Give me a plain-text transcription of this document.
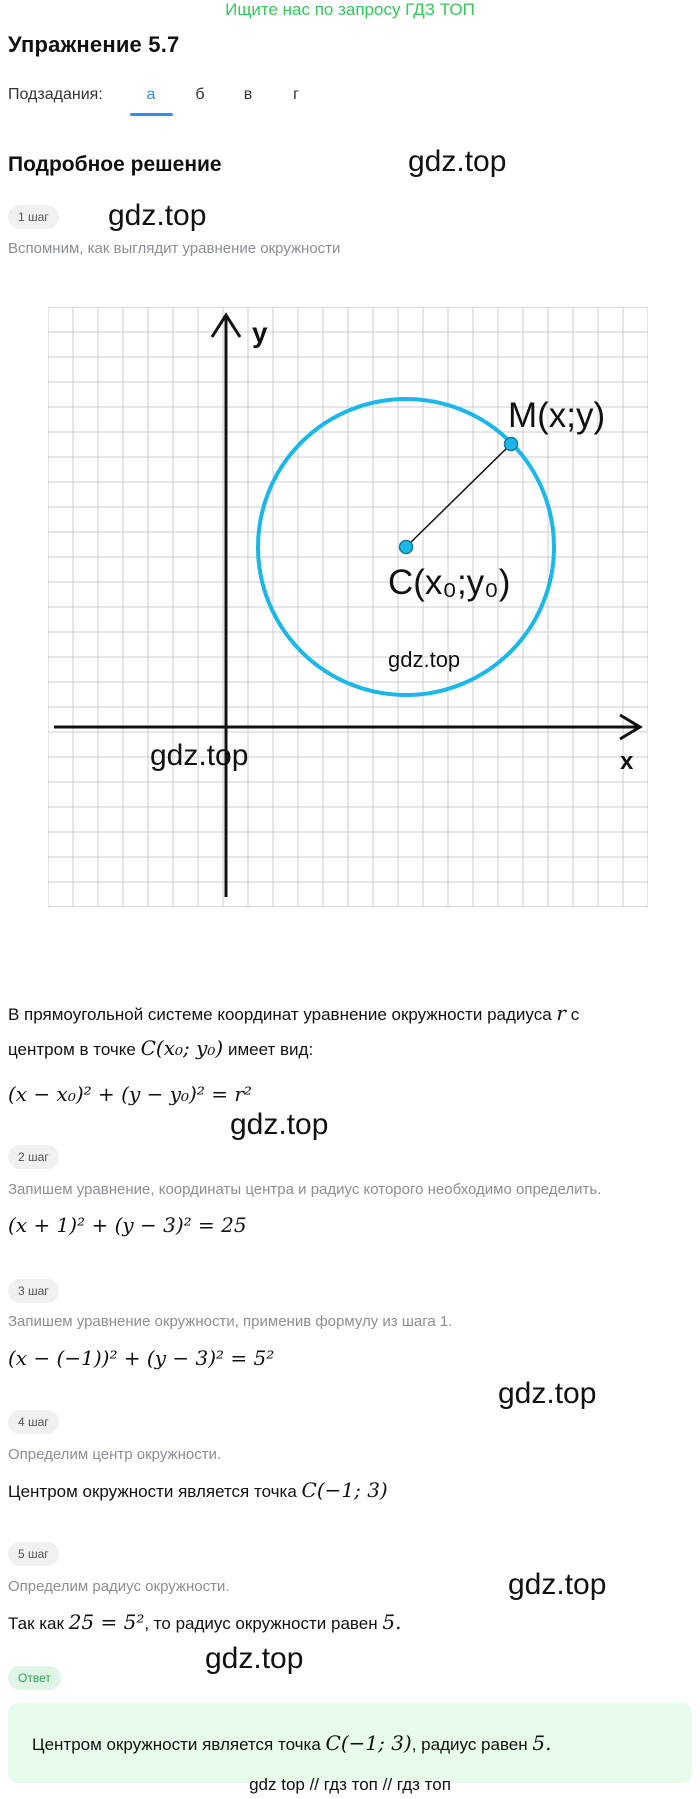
Ищите нас по запросу ГДЗ ТОП
Упражнение 5.7
Подзадания:	а	б	в	г
Подробное решение	gdz.top
1 шаг	gdz.top
Вспомним, как выглядит уравнение окружности
y
x
M(x;y)
C(x₀;y₀)
gdz.top
gdz.top
В прямоугольной системе координат уравнение окружности радиуса r с
центром в точке C(x₀; y₀) имеет вид:
(x − x₀)² + (y − y₀)² = r²
gdz.top
2 шаг
Запишем уравнение, координаты центра и радиус которого необходимо определить.
(x + 1)² + (y − 3)² = 25
3 шаг
Запишем уравнение окружности, применив формулу из шага 1.
(x − (−1))² + (y − 3)² = 5²
gdz.top
4 шаг
Определим центр окружности.
Центром окружности является точка C(−1; 3)
5 шаг
Определим радиус окружности.	gdz.top
Так как 25 = 5², то радиус окружности равен 5.
gdz.top
Ответ
Центром окружности является точка C(−1; 3), радиус равен 5.
gdz top // гдз топ // гдз топ
